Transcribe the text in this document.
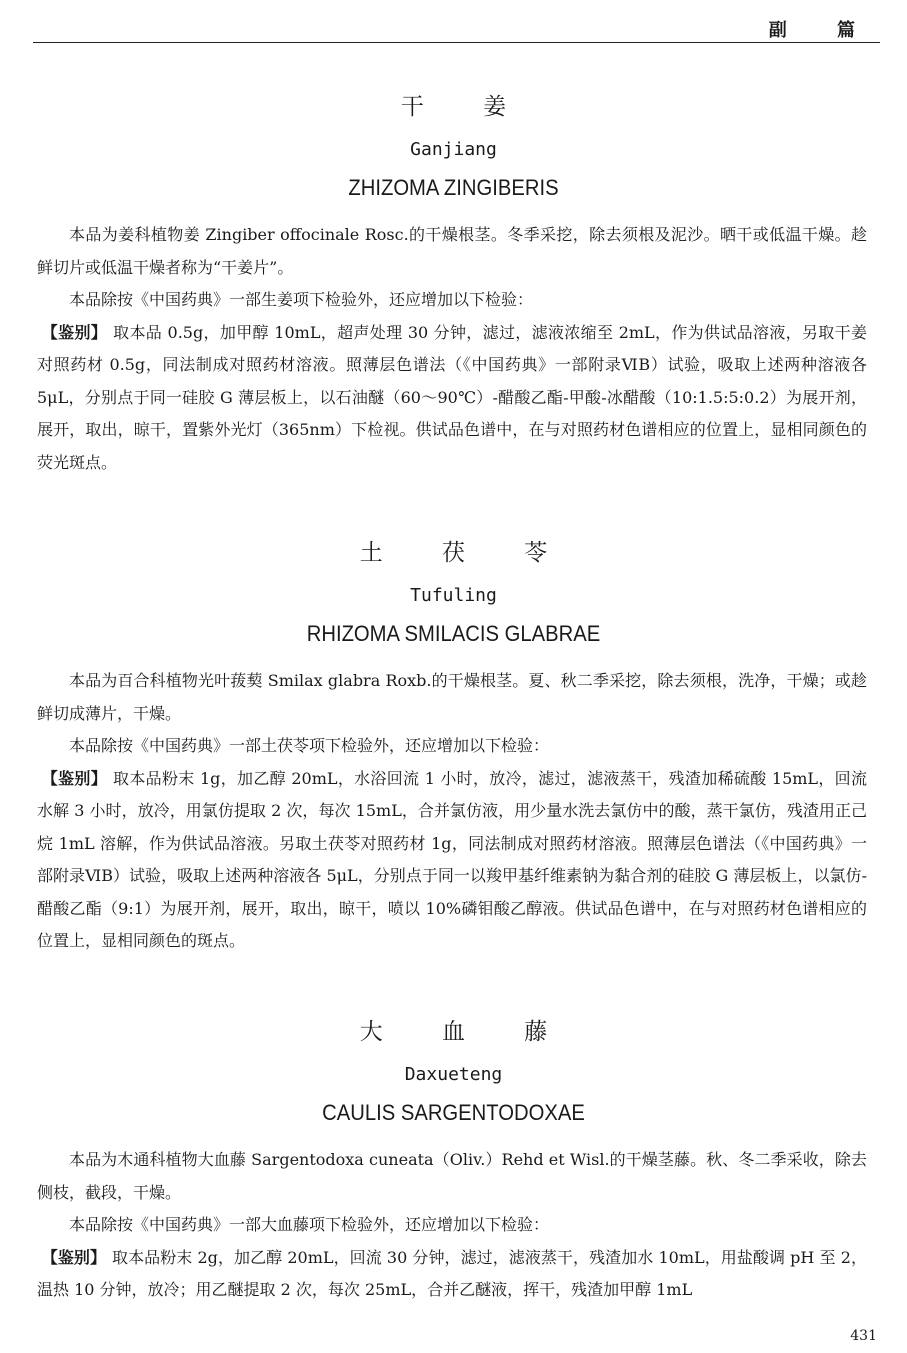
副 篇
干 姜
Ganjiang
ZHIZOMA ZINGIBERIS

本品为姜科植物姜 Zingiber offocinale Rosc.的干燥根茎。冬季采挖，除去须根及泥沙。晒干或低温干燥。趁鲜切片或低温干燥者称为“干姜片”。

本品除按《中国药典》一部生姜项下检验外，还应增加以下检验：

【鉴别】 取本品 0.5g，加甲醇 10mL，超声处理 30 分钟，滤过，滤液浓缩至 2mL，作为供试品溶液，另取干姜对照药材 0.5g，同法制成对照药材溶液。照薄层色谱法（《中国药典》一部附录ⅥB）试验，吸取上述两种溶液各 5μL，分别点于同一硅胶 G 薄层板上，以石油醚（60～90℃）-醋酸乙酯-甲酸-冰醋酸（10:1.5:5:0.2）为展开剂，展开，取出，晾干，置紫外光灯（365nm）下检视。供试品色谱中，在与对照药材色谱相应的位置上，显相同颜色的荧光斑点。

土 茯 苓
Tufuling
RHIZOMA SMILACIS GLABRAE

本品为百合科植物光叶菝葜 Smilax glabra Roxb.的干燥根茎。夏、秋二季采挖，除去须根，洗净，干燥；或趁鲜切成薄片，干燥。

本品除按《中国药典》一部土茯苓项下检验外，还应增加以下检验：

【鉴别】 取本品粉末 1g，加乙醇 20mL，水浴回流 1 小时，放冷，滤过，滤液蒸干，残渣加稀硫酸 15mL，回流水解 3 小时，放冷，用氯仿提取 2 次，每次 15mL，合并氯仿液，用少量水洗去氯仿中的酸，蒸干氯仿，残渣用正己烷 1mL 溶解，作为供试品溶液。另取土茯苓对照药材 1g，同法制成对照药材溶液。照薄层色谱法（《中国药典》一部附录ⅥB）试验，吸取上述两种溶液各 5μL，分别点于同一以羧甲基纤维素钠为黏合剂的硅胶 G 薄层板上，以氯仿-醋酸乙酯（9:1）为展开剂，展开，取出，晾干，喷以 10%磷钼酸乙醇液。供试品色谱中，在与对照药材色谱相应的位置上，显相同颜色的斑点。

大 血 藤
Daxueteng
CAULIS SARGENTODOXAE

本品为木通科植物大血藤 Sargentodoxa cuneata（Oliv.）Rehd et Wisl.的干燥茎藤。秋、冬二季采收，除去侧枝，截段，干燥。

本品除按《中国药典》一部大血藤项下检验外，还应增加以下检验：

【鉴别】 取本品粉末 2g，加乙醇 20mL，回流 30 分钟，滤过，滤液蒸干，残渣加水 10mL，用盐酸调 pH 至 2，温热 10 分钟，放冷；用乙醚提取 2 次，每次 25mL，合并乙醚液，挥干，残渣加甲醇 1mL

431
